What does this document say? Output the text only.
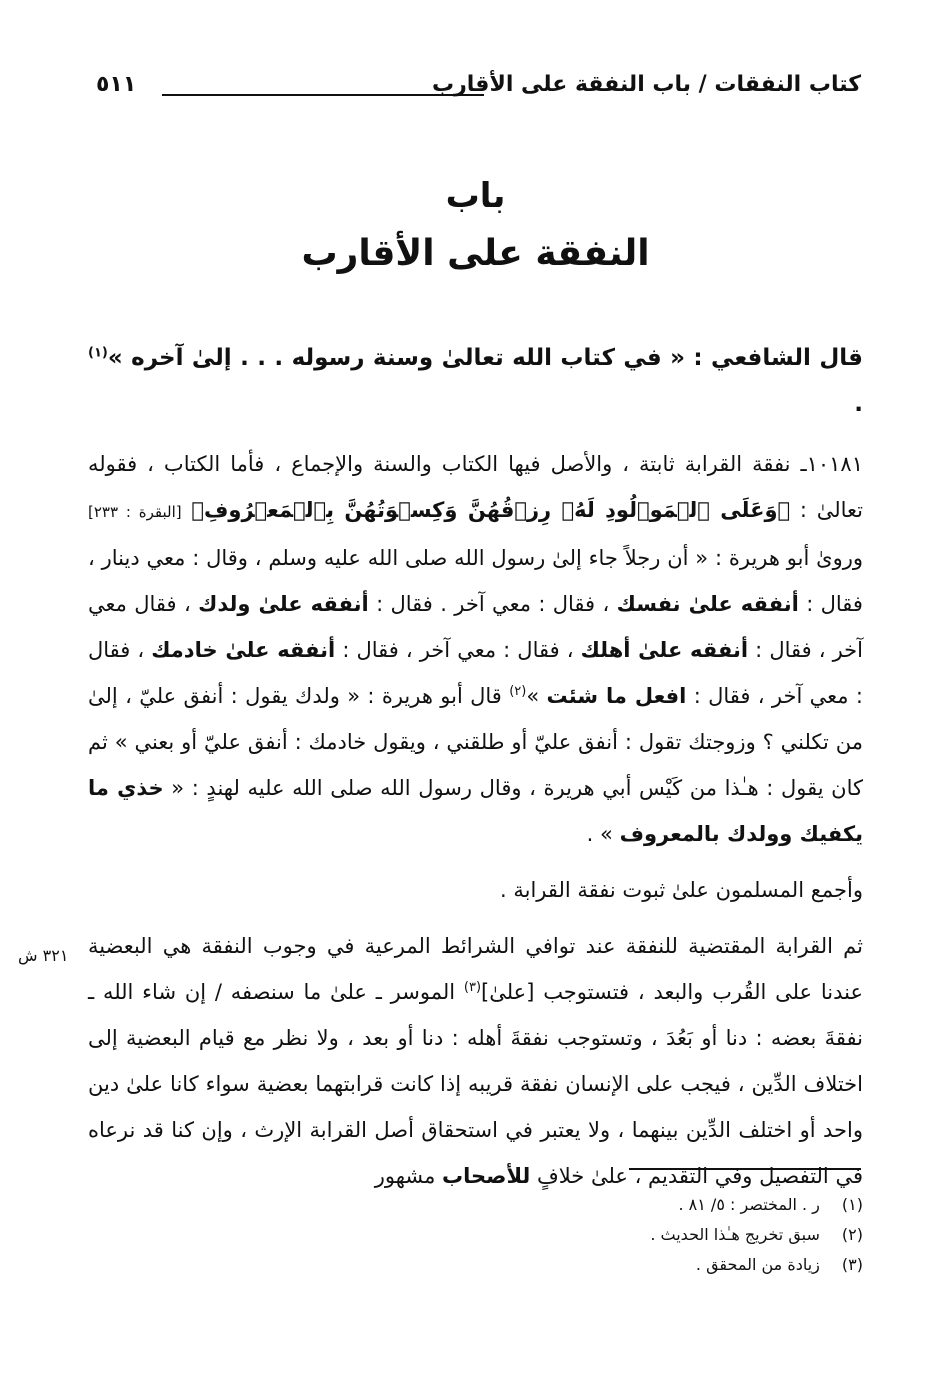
كتاب النفقات / باب النفقة على الأقارب
٥١١
باب
النفقة على الأقارب

قال الشافعي : « في كتاب الله تعالىٰ وسنة رسوله . . . إلىٰ آخره »$^{(١)}$ .

١٠١٨١ـ نفقة القرابة ثابتة ، والأصل فيها الكتاب والسنة والإجماع ، فأما الكتاب ، فقوله تعالىٰ : ﴿وَعَلَى ٱلۡمَوۡلُودِ لَهُۥ رِزۡقُهُنَّ وَكِسۡوَتُهُنَّ بِٱلۡمَعۡرُوفِ﴾ [البقرة : ٢٣٣] وروىٰ أبو هريرة : « أن رجلاً جاء إلىٰ رسول الله صلى الله عليه وسلم ، وقال : معي دينار ، فقال : أنفقه علىٰ نفسك ، فقال : معي آخر . فقال : أنفقه علىٰ ولدك ، فقال معي آخر ، فقال : أنفقه علىٰ أهلك ، فقال : معي آخر ، فقال : أنفقه علىٰ خادمك ، فقال : معي آخر ، فقال : افعل ما شئت »$^{(٢)}$ قال أبو هريرة : « ولدك يقول : أنفق عليّ ، إلىٰ من تكلني ؟ وزوجتك تقول : أنفق عليّ أو طلقني ، ويقول خادمك : أنفق عليّ أو بعني » ثم كان يقول : هـٰذا من كَيْس أبي هريرة ، وقال رسول الله صلى الله عليه لهندٍ : « خذي ما يكفيك وولدك بالمعروف » .

وأجمع المسلمون علىٰ ثبوت نفقة القرابة .

ثم القرابة المقتضية للنفقة عند توافي الشرائط المرعية في وجوب النفقة هي البعضية عندنا على القُرب والبعد ، فتستوجب [علىٰ]$^{(٣)}$ الموسر ـ علىٰ ما سنصفه / إن شاء الله ـ نفقةَ بعضه : دنا أو بَعُدَ ، وتستوجب نفقةَ أهله : دنا أو بعد ، ولا نظر مع قيام البعضية إلى اختلاف الدِّين ، فيجب على الإنسان نفقة قريبه إذا كانت قرابتهما بعضية سواء كانا علىٰ دين واحد أو اختلف الدِّين بينهما ، ولا يعتبر في استحقاق أصل القرابة الإرث ، وإن كنا قد نرعاه في التفصيل وفي التقديم ، علىٰ خلافٍ للأصحاب مشهور

٣٢١ ش
(١) ر . المختصر : ٥/ ٨١ .
(٢) سبق تخريج هـٰذا الحديث .
(٣) زيادة من المحقق .
